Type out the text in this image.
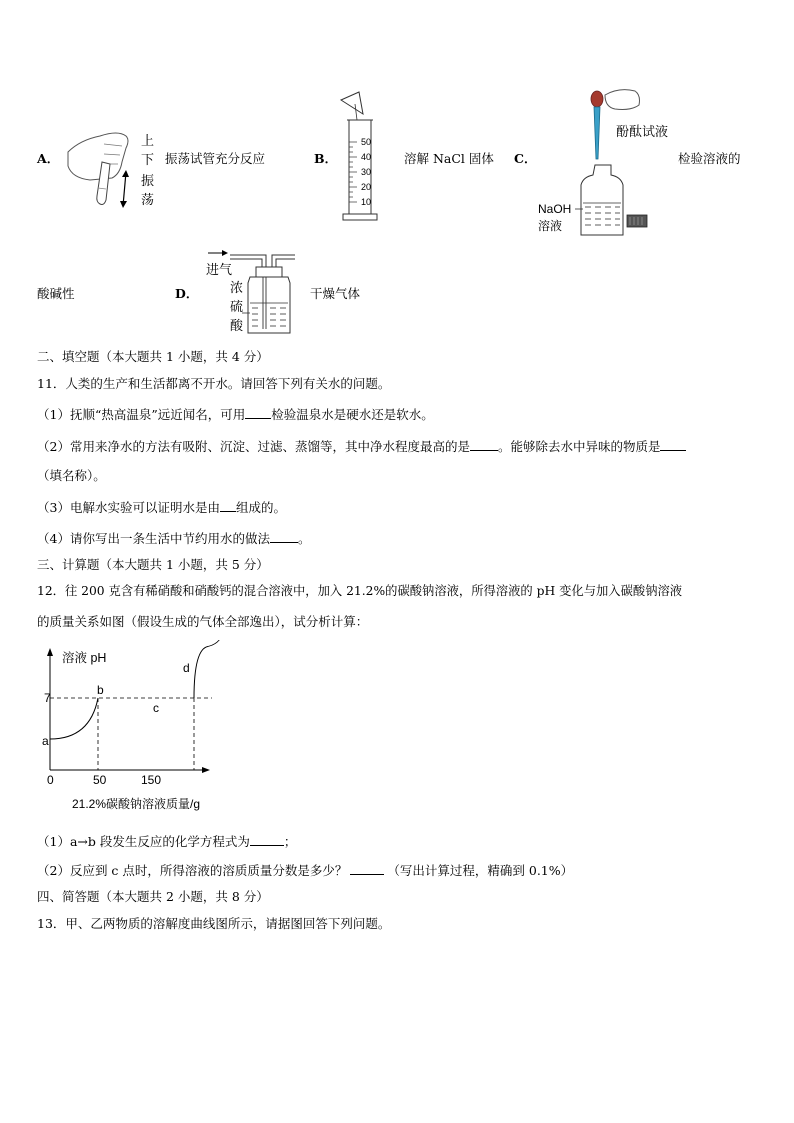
A．
上
下
振
荡
振荡试管充分反应	B．
50
40
30
20
10
溶解 NaCl 固体 C．
酚酞试液
NaOH
溶液
检验溶液的
酸碱性	D．
进气
浓
硫
酸
干燥气体
二、填空题（本大题共 1 小题，共 4 分）
11．人类的生产和生活都离不开水。请回答下列有关水的问题。
（1）抚顺“热高温泉”远近闻名，可用 检验温泉水是硬水还是软水。
（2）常用来净水的方法有吸附、沉淀、过滤、蒸馏等，其中净水程度最高的是 。能够除去水中异味的物质是
（填名称）。
（3）电解水实验可以证明水是由 组成的。
（4）请你写出一条生活中节约用水的做法 。
三、计算题（本大题共 1 小题，共 5 分）
12．往 200 克含有稀硝酸和硝酸钙的混合溶液中，加入 21.2%的碳酸钠溶液，所得溶液的 pH 变化与加入碳酸钠溶液
的质量关系如图（假设生成的气体全部逸出），试分析计算：
溶液 pH
7
0	50	150
a
b
c
d
21.2%碳酸钠溶液质量/g
（1）a→b 段发生反应的化学方程式为	；
（2）反应到 c 点时，所得溶液的溶质质量分数是多少？	（写出计算过程，精确到 0.1%）
四、简答题（本大题共 2 小题，共 8 分）
13．甲、乙两物质的溶解度曲线图所示，请据图回答下列问题。
